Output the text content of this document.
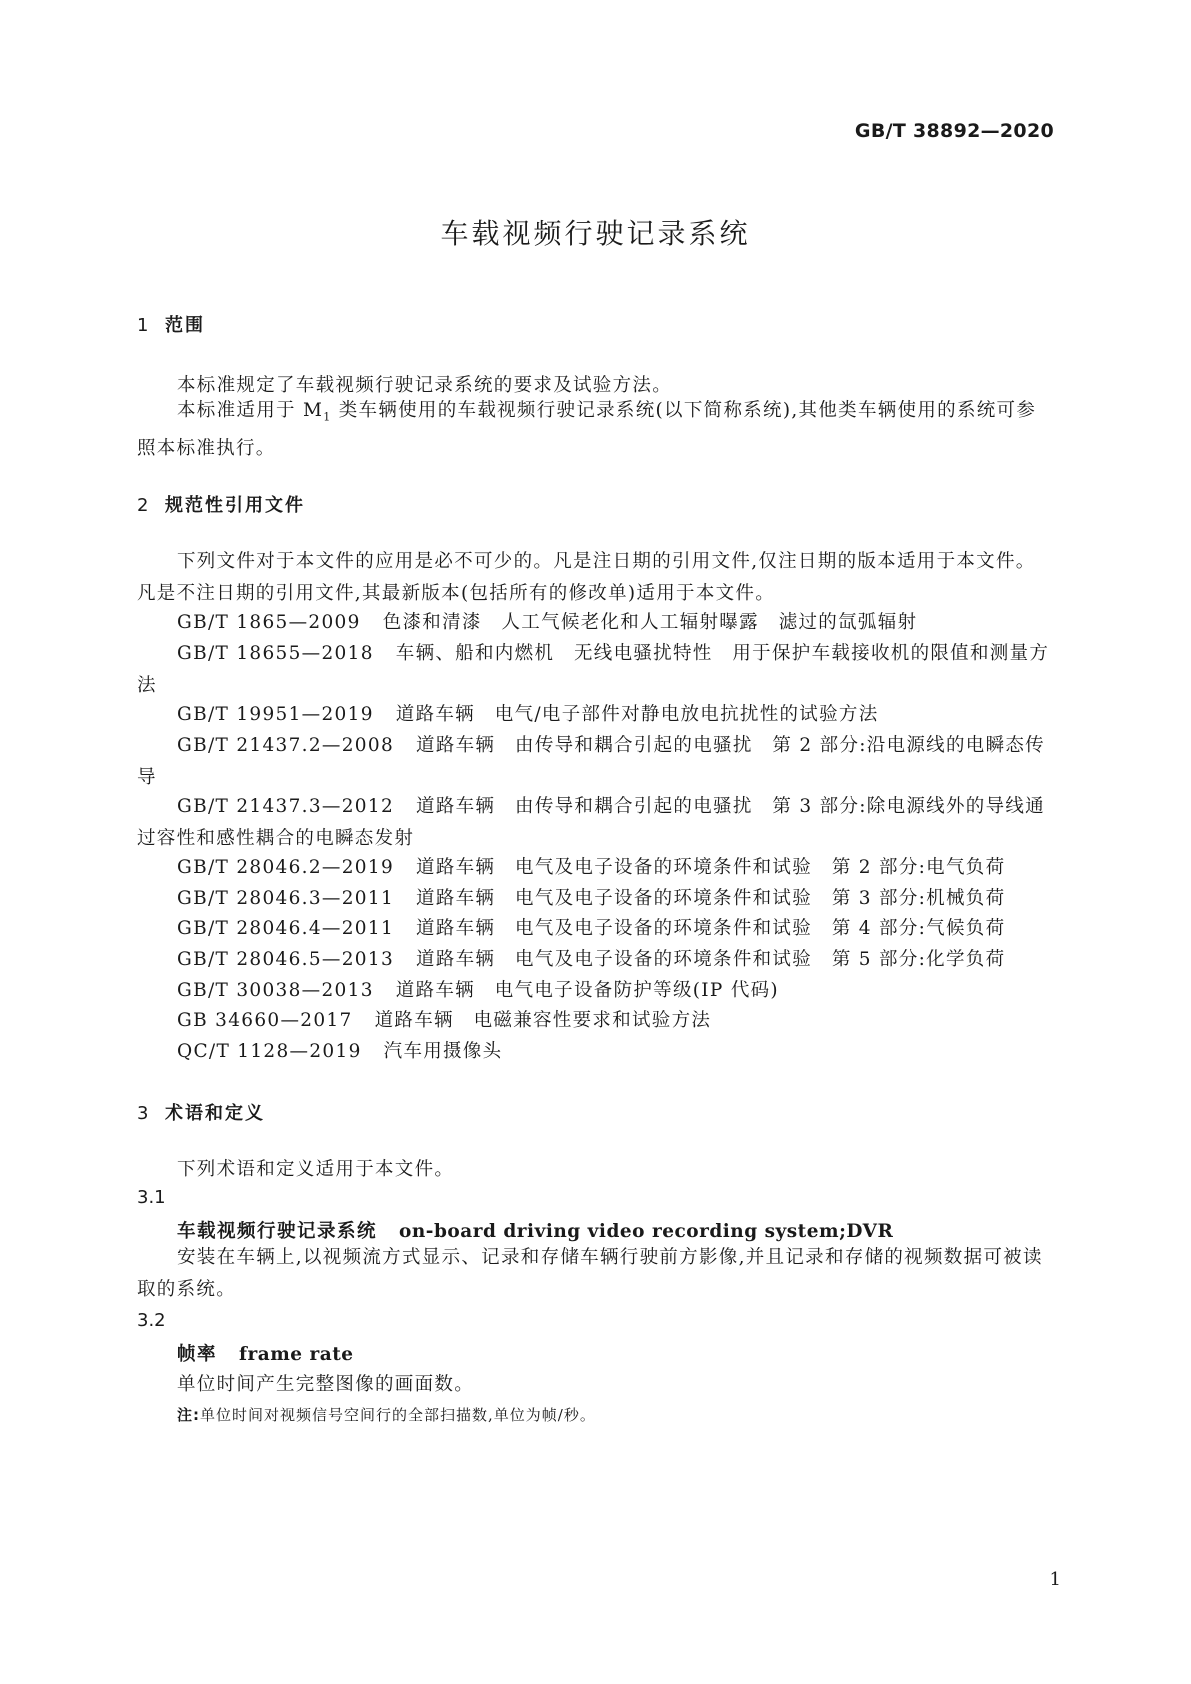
GB/T 38892—2020
车载视频行驶记录系统
1 范围
本标准规定了车载视频行驶记录系统的要求及试验方法。
本标准适用于 $M_1$ 类车辆使用的车载视频行驶记录系统(以下简称系统),其他类车辆使用的系统可参照本标准执行。
2 规范性引用文件
下列文件对于本文件的应用是必不可少的。凡是注日期的引用文件,仅注日期的版本适用于本文件。凡是不注日期的引用文件,其最新版本(包括所有的修改单)适用于本文件。
GB/T 1865—2009 色漆和清漆　人工气候老化和人工辐射曝露　滤过的氙弧辐射
GB/T 18655—2018 车辆、船和内燃机　无线电骚扰特性　用于保护车载接收机的限值和测量方法
GB/T 19951—2019 道路车辆　电气/电子部件对静电放电抗扰性的试验方法
GB/T 21437.2—2008 道路车辆　由传导和耦合引起的电骚扰　第 2 部分:沿电源线的电瞬态传导
GB/T 21437.3—2012 道路车辆　由传导和耦合引起的电骚扰　第 3 部分:除电源线外的导线通过容性和感性耦合的电瞬态发射
GB/T 28046.2—2019 道路车辆　电气及电子设备的环境条件和试验　第 2 部分:电气负荷
GB/T 28046.3—2011 道路车辆　电气及电子设备的环境条件和试验　第 3 部分:机械负荷
GB/T 28046.4—2011 道路车辆　电气及电子设备的环境条件和试验　第 4 部分:气候负荷
GB/T 28046.5—2013 道路车辆　电气及电子设备的环境条件和试验　第 5 部分:化学负荷
GB/T 30038—2013 道路车辆　电气电子设备防护等级(IP 代码)
GB 34660—2017 道路车辆　电磁兼容性要求和试验方法
QC/T 1128—2019 汽车用摄像头
3 术语和定义
下列术语和定义适用于本文件。
3.1
车载视频行驶记录系统 on-board driving video recording system;DVR
安装在车辆上,以视频流方式显示、记录和存储车辆行驶前方影像,并且记录和存储的视频数据可被读取的系统。
3.2
帧率 frame rate
单位时间产生完整图像的画面数。
注:单位时间对视频信号空间行的全部扫描数,单位为帧/秒。
1
